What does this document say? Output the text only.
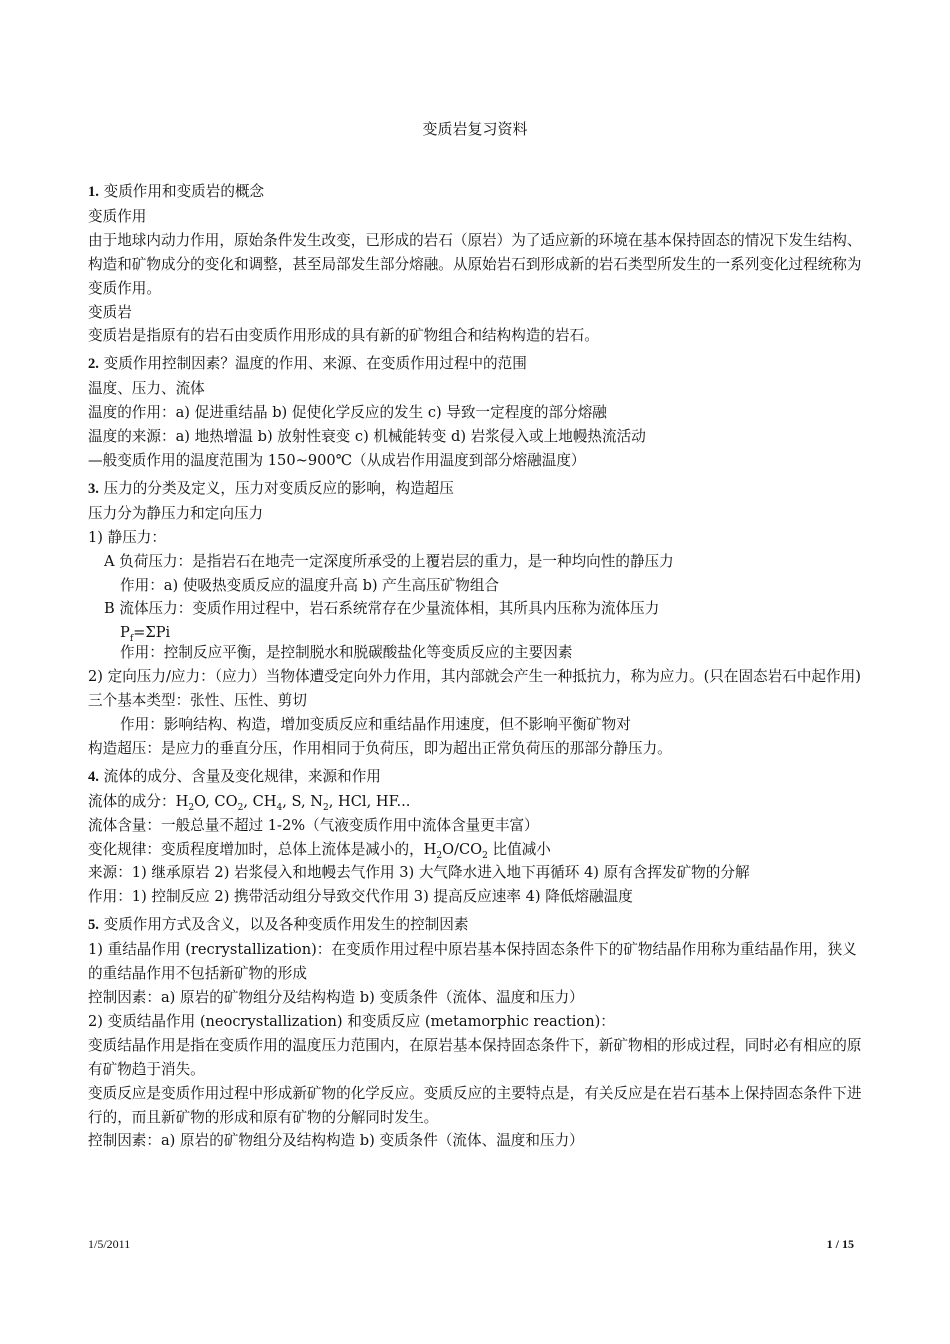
变质岩复习资料

1. 变质作用和变质岩的概念

变质作用

由于地球内动力作用，原始条件发生改变，已形成的岩石（原岩）为了适应新的环境在基本保持固态的情况下发生结构、构造和矿物成分的变化和调整，甚至局部发生部分熔融。从原始岩石到形成新的岩石类型所发生的一系列变化过程统称为变质作用。

变质岩

变质岩是指原有的岩石由变质作用形成的具有新的矿物组合和结构构造的岩石。

2. 变质作用控制因素？温度的作用、来源、在变质作用过程中的范围

温度、压力、流体

温度的作用：a) 促进重结晶 b) 促使化学反应的发生 c) 导致一定程度的部分熔融

温度的来源：a) 地热增温 b) 放射性衰变 c) 机械能转变 d) 岩浆侵入或上地幔热流活动

—般变质作用的温度范围为 150~900℃（从成岩作用温度到部分熔融温度）

3. 压力的分类及定义，压力对变质反应的影响，构造超压

压力分为静压力和定向压力

1) 静压力：

A 负荷压力：是指岩石在地壳一定深度所承受的上覆岩层的重力，是一种均向性的静压力

作用：a) 使吸热变质反应的温度升高 b) 产生高压矿物组合

B 流体压力：变质作用过程中，岩石系统常存在少量流体相，其所具内压称为流体压力

$P_f=\Sigma Pi$

作用：控制反应平衡，是控制脱水和脱碳酸盐化等变质反应的主要因素

2) 定向压力/应力：（应力）当物体遭受定向外力作用，其内部就会产生一种抵抗力，称为应力。(只在固态岩石中起作用) 三个基本类型：张性、压性、剪切

作用：影响结构、构造，增加变质反应和重结晶作用速度，但不影响平衡矿物对

构造超压：是应力的垂直分压，作用相同于负荷压，即为超出正常负荷压的那部分静压力。

4. 流体的成分、含量及变化规律，来源和作用

流体的成分：$H_2O$, $CO_2$, $CH_4$, S, $N_2$, HCl, HF...

流体含量：一般总量不超过 1-2%（气液变质作用中流体含量更丰富）

变化规律：变质程度增加时，总体上流体是减小的，$H_2O/CO_2$ 比值减小

来源：1) 继承原岩 2) 岩浆侵入和地幔去气作用 3) 大气降水进入地下再循环 4) 原有含挥发矿物的分解

作用：1) 控制反应 2) 携带活动组分导致交代作用 3) 提高反应速率 4) 降低熔融温度

5. 变质作用方式及含义，以及各种变质作用发生的控制因素

1) 重结晶作用 (recrystallization)：在变质作用过程中原岩基本保持固态条件下的矿物结晶作用称为重结晶作用，狭义的重结晶作用不包括新矿物的形成

控制因素：a) 原岩的矿物组分及结构构造 b) 变质条件（流体、温度和压力）

2) 变质结晶作用 (neocrystallization) 和变质反应 (metamorphic reaction)：

变质结晶作用是指在变质作用的温度压力范围内，在原岩基本保持固态条件下，新矿物相的形成过程，同时必有相应的原有矿物趋于消失。

变质反应是变质作用过程中形成新矿物的化学反应。变质反应的主要特点是，有关反应是在岩石基本上保持固态条件下进行的，而且新矿物的形成和原有矿物的分解同时发生。

控制因素：a) 原岩的矿物组分及结构构造 b) 变质条件（流体、温度和压力）

1/5/2011	1 / 15
